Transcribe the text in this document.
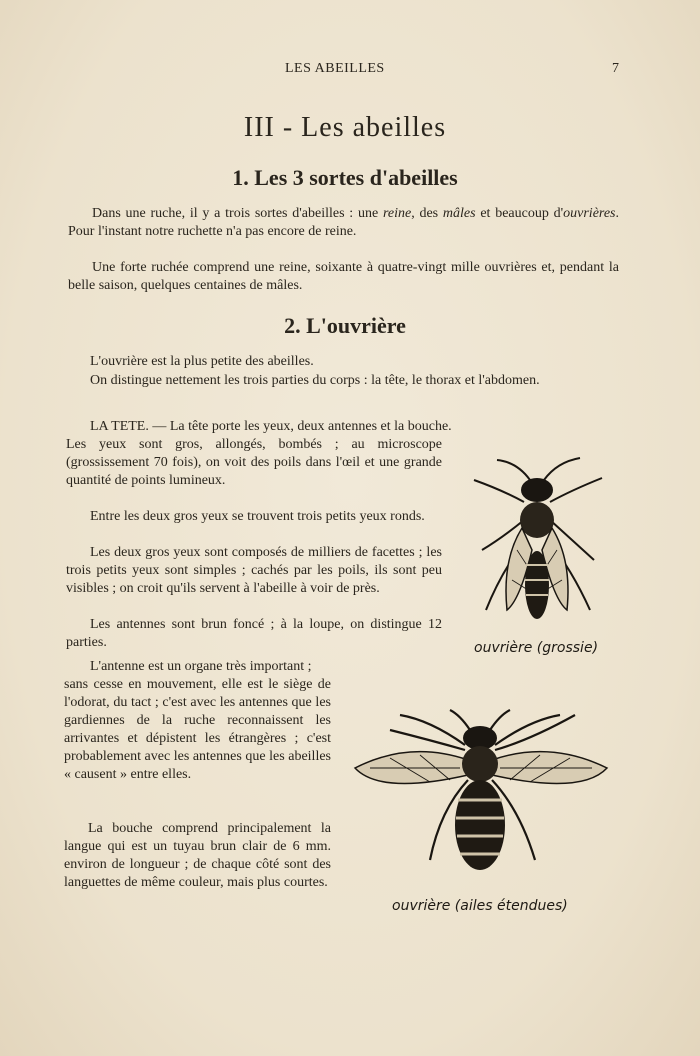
LES ABEILLES	7
III - Les abeilles
1. Les 3 sortes d'abeilles

Dans une ruche, il y a trois sortes d'abeilles : une reine, des mâles et beaucoup d'ouvrières. Pour l'instant notre ruchette n'a pas encore de reine.

Une forte ruchée comprend une reine, soixante à quatre-vingt mille ouvrières et, pendant la belle saison, quelques centaines de mâles.

2. L'ouvrière

L'ouvrière est la plus petite des abeilles.

On distingue nettement les trois parties du corps : la tête, le thorax et l'abdomen.

LA TETE. — La tête porte les yeux, deux antennes et la bouche.

Les yeux sont gros, allongés, bombés ; au microscope (grossissement 70 fois), on voit des poils dans l'œil et une grande quantité de points lumineux.

Entre les deux gros yeux se trouvent trois petits yeux ronds.

Les deux gros yeux sont composés de milliers de facettes ; les trois petits yeux sont simples ; cachés par les poils, ils sont peu visibles ; on croit qu'ils servent à l'abeille à voir de près.

Les antennes sont brun foncé ; à la loupe, on distingue 12 parties.

L'antenne est un organe très important ;

sans cesse en mouvement, elle est le siège de l'odorat, du tact ; c'est avec les antennes que les gardiennes de la ruche reconnaissent les arrivantes et dépistent les étrangères ; c'est probablement avec les antennes que les abeilles « causent » entre elles.

La bouche comprend principalement la langue qui est un tuyau brun clair de 6 mm. environ de longueur ; de chaque côté sont des languettes de même couleur, mais plus courtes.

ouvrière (grossie)
ouvrière (ailes étendues)
